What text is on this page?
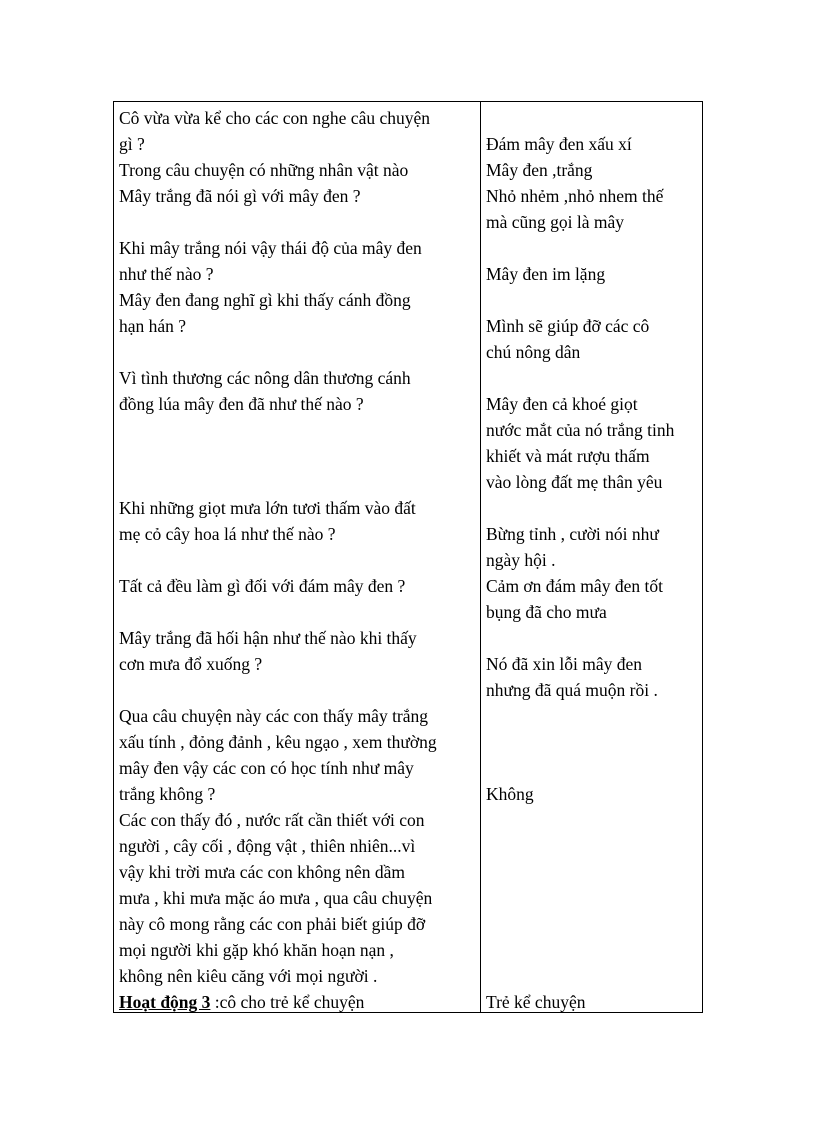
Cô vừa vừa kể cho các con nghe câu chuyện
gì ?
Trong câu chuyện có những nhân vật nào
Mây trắng đã nói gì với mây đen ?
Khi mây trắng nói vậy thái độ của mây đen
như thế nào ?
Mây đen đang nghĩ gì khi thấy cánh đồng
hạn hán ?
Vì tình thương các nông dân thương cánh
đồng lúa mây đen đã như thế nào ?
Khi những giọt mưa lớn tươi thấm vào đất
mẹ cỏ cây hoa lá như thế nào ?
Tất cả đều làm gì đối với đám mây đen ?
Mây trắng đã hối hận như thế nào khi thấy
cơn mưa đổ xuống ?
Qua câu chuyện này các con thấy mây trắng
xấu tính , đỏng đảnh , kêu ngạo , xem thường
mây đen vậy các con có học tính như mây
trắng không ?
Các con thấy đó , nước rất cần thiết với con
người , cây cối , động vật , thiên nhiên...vì
vậy khi trời mưa các con không nên dầm
mưa , khi mưa mặc áo mưa , qua câu chuyện
này cô mong rằng các con phải biết giúp đỡ
mọi người khi gặp khó khăn hoạn nạn ,
không nên kiêu căng với mọi người .
Hoạt động 3 :cô cho trẻ kể chuyện
Đám mây đen xấu xí
Mây đen ,trắng
Nhỏ nhẻm ,nhỏ nhem thế
mà cũng gọi là mây
Mây đen im lặng
Mình sẽ giúp đỡ các cô
chú nông dân
Mây đen cả khoé giọt
nước mắt của nó trắng tinh
khiết và mát rượu thấm
vào lòng đất mẹ thân yêu
Bừng tỉnh , cười nói như
ngày hội .
Cảm ơn đám mây đen tốt
bụng đã cho mưa
Nó đã xin lỗi mây đen
nhưng đã quá muộn rồi .
Không
Trẻ kể chuyện
